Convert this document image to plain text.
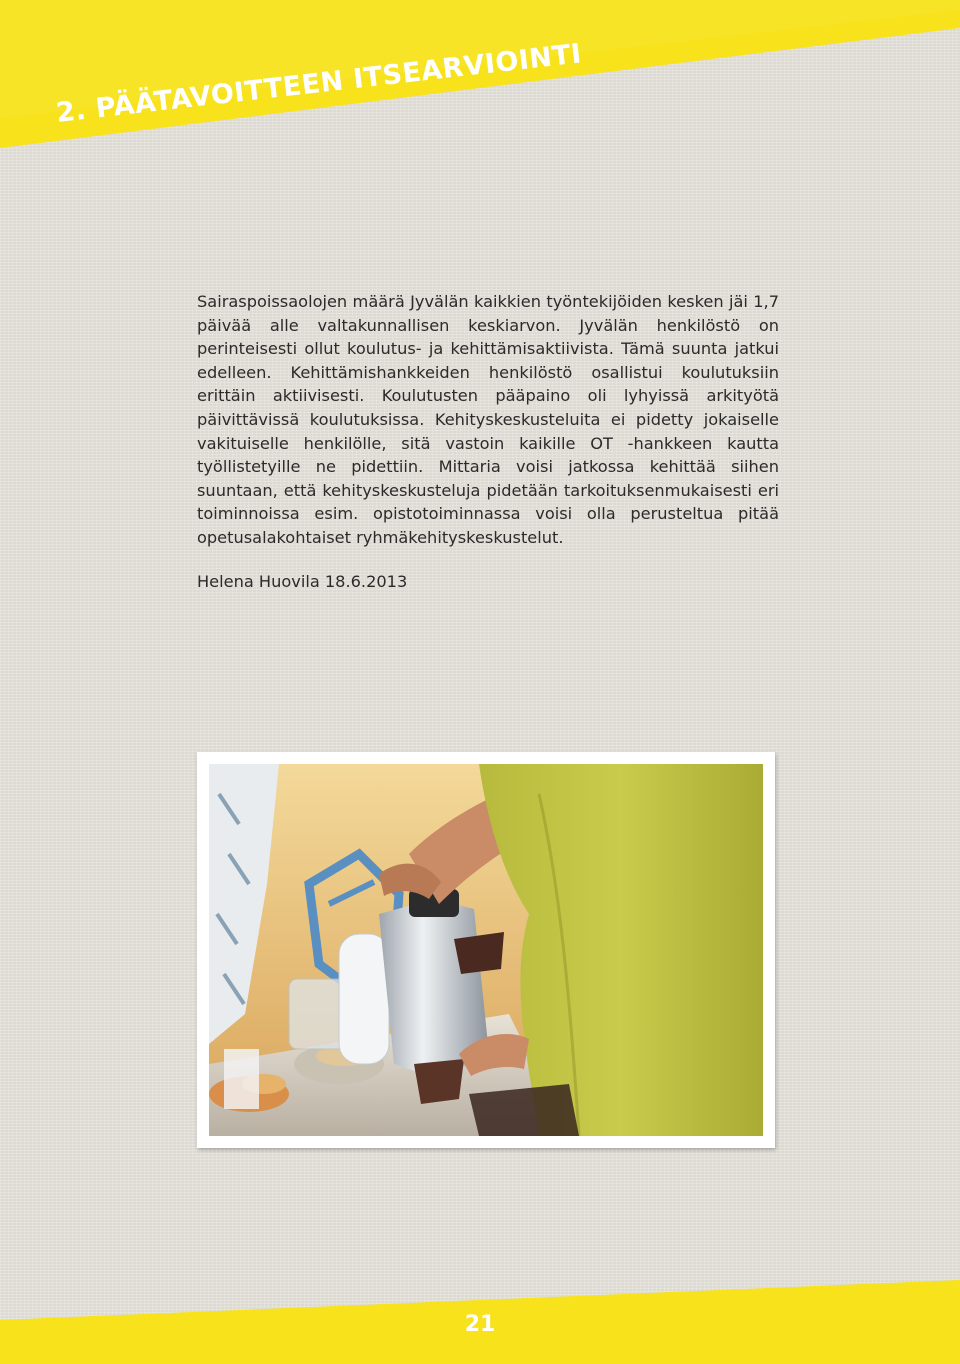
2. PÄÄTAVOITTEEN ITSEARVIOINTI

Sairaspoissaolojen määrä Jyvälän kaikkien työntekijöiden kesken jäi 1,7 päivää alle valtakunnallisen keskiarvon. Jyvälän henkilöstö on perinteisesti ollut koulutus- ja kehittämisaktiivista. Tämä suunta jatkui edelleen. Kehittämishankkeiden henkilöstö osallistui koulutuksiin erittäin aktiivisesti. Koulutusten pääpaino oli lyhyissä arkityötä päivittävissä koulutuksissa. Kehityskeskusteluita ei pidetty jokaiselle vakituiselle henkilölle, sitä vastoin kaikille OT -hankkeen kautta työllistetyille ne pidettiin. Mittaria voisi jatkossa kehittää siihen suuntaan, että kehityskeskusteluja pidetään tarkoituksenmukaisesti eri toiminnoissa esim. opistotoiminnassa voisi olla perusteltua pitää opetusalakohtaiset ryhmäkehityskeskustelut.

Helena Huovila 18.6.2013

21
